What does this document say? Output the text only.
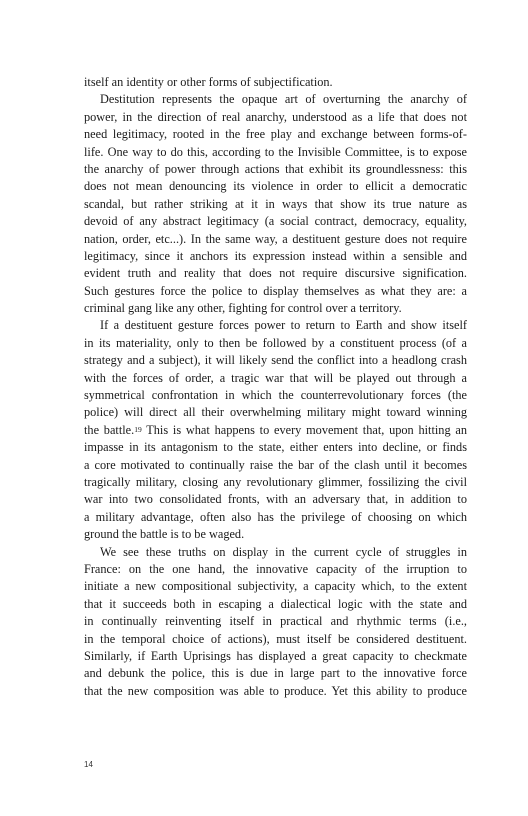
itself an identity or other forms of subjectification.
Destitution represents the opaque art of overturning the anarchy of
power, in the direction of real anarchy, understood as a life that does not
need legitimacy, rooted in the free play and exchange between forms-of-
life. One way to do this, according to the Invisible Committee, is to expose
the anarchy of power through actions that exhibit its groundlessness: this
does not mean denouncing its violence in order to ellicit a democratic
scandal, but rather striking at it in ways that show its true nature as
devoid of any abstract legitimacy (a social contract, democracy, equality,
nation, order, etc...). In the same way, a destituent gesture does not require
legitimacy, since it anchors its expression instead within a sensible and
evident truth and reality that does not require discursive signification.
Such gestures force the police to display themselves as what they are: a
criminal gang like any other, fighting for control over a territory.
If a destituent gesture forces power to return to Earth and show itself
in its materiality, only to then be followed by a constituent process (of a
strategy and a subject), it will likely send the conflict into a headlong crash
with the forces of order, a tragic war that will be played out through a
symmetrical confrontation in which the counterrevolutionary forces (the
police) will direct all their overwhelming military might toward winning
the battle.$^{19}$ This is what happens to every movement that, upon hitting an
impasse in its antagonism to the state, either enters into decline, or finds
a core motivated to continually raise the bar of the clash until it becomes
tragically military, closing any revolutionary glimmer, fossilizing the civil
war into two consolidated fronts, with an adversary that, in addition to
a military advantage, often also has the privilege of choosing on which
ground the battle is to be waged.
We see these truths on display in the current cycle of struggles in
France: on the one hand, the innovative capacity of the irruption to
initiate a new compositional subjectivity, a capacity which, to the extent
that it succeeds both in escaping a dialectical logic with the state and
in continually reinventing itself in practical and rhythmic terms (i.e.,
in the temporal choice of actions), must itself be considered destituent.
Similarly, if Earth Uprisings has displayed a great capacity to checkmate
and debunk the police, this is due in large part to the innovative force
that the new composition was able to produce. Yet this ability to produce
14
